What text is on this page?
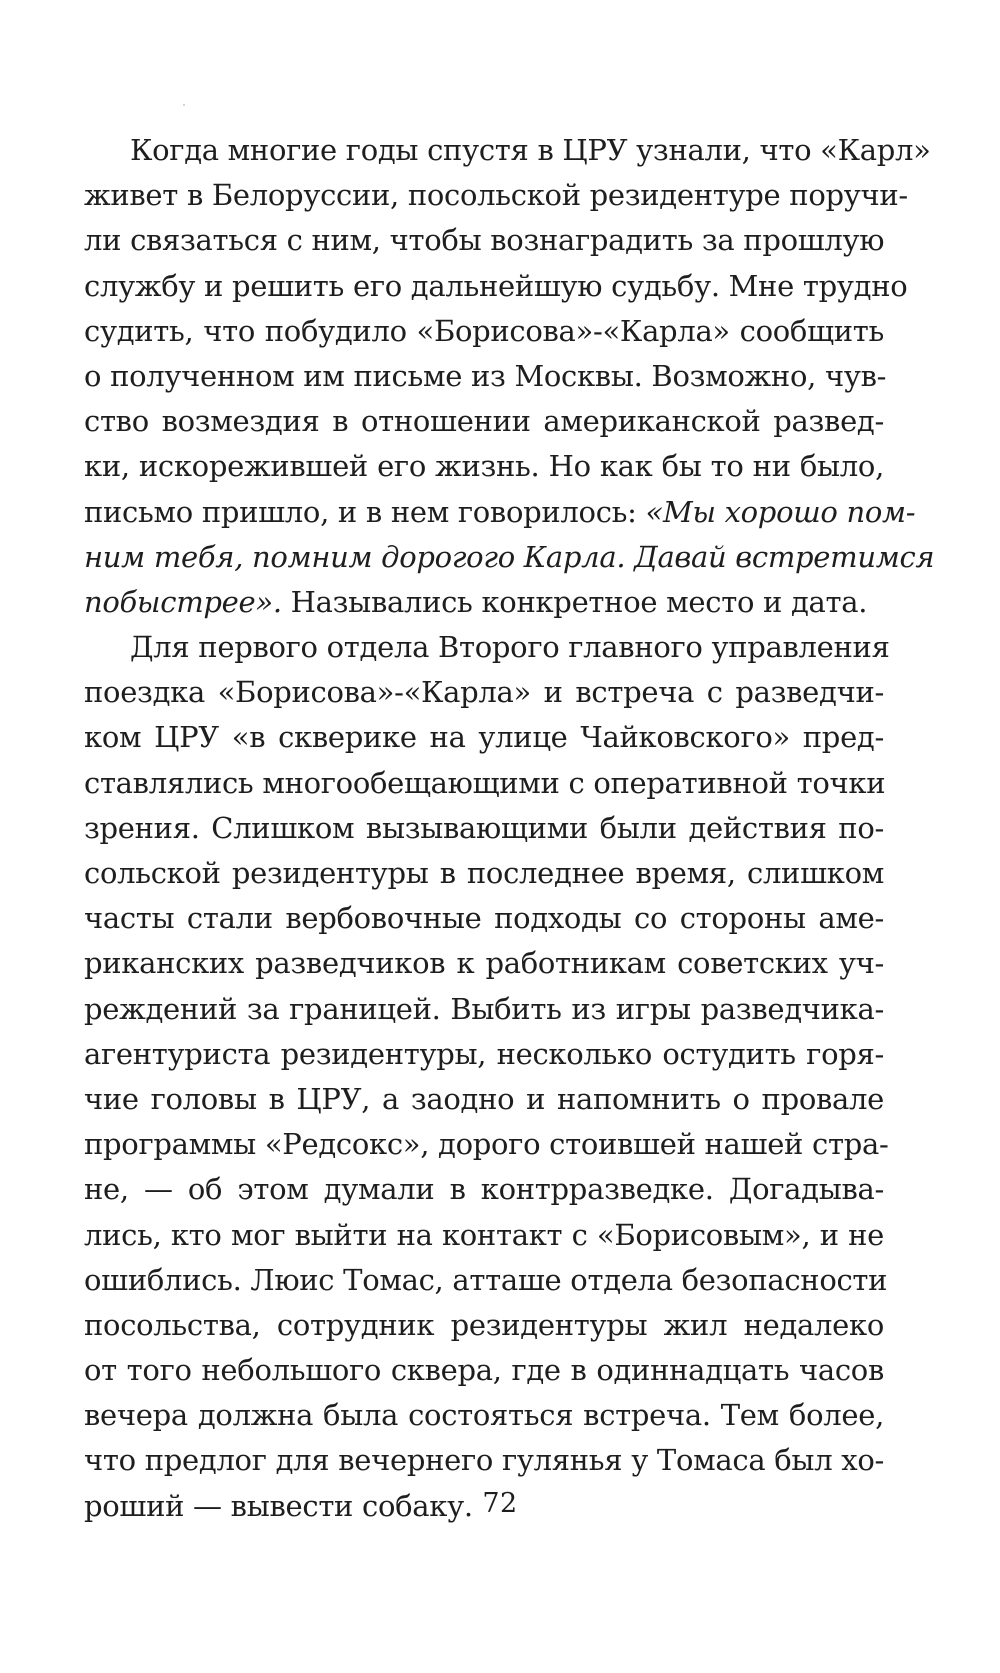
Когда многие годы спустя в ЦРУ узнали, что «Карл»
живет в Белоруссии, посольской резидентуре поручи-
ли связаться с ним, чтобы вознаградить за прошлую
службу и решить его дальнейшую судьбу. Мне трудно
судить, что побудило «Борисова»-«Карла» сообщить
о полученном им письме из Москвы. Возможно, чув-
ство возмездия в отношении американской развед-
ки, искорежившей его жизнь. Но как бы то ни было,
письмо пришло, и в нем говорилось: «Мы хорошо пом-
ним тебя, помним дорогого Карла. Давай встретимся
побыстрее». Назывались конкретное место и дата.
Для первого отдела Второго главного управления
поездка «Борисова»-«Карла» и встреча с разведчи-
ком ЦРУ «в скверике на улице Чайковского» пред-
ставлялись многообещающими с оперативной точки
зрения. Слишком вызывающими были действия по-
сольской резидентуры в последнее время, слишком
часты стали вербовочные подходы со стороны аме-
риканских разведчиков к работникам советских уч-
реждений за границей. Выбить из игры разведчика-
агентуриста резидентуры, несколько остудить горя-
чие головы в ЦРУ, а заодно и напомнить о провале
программы «Редсокс», дорого стоившей нашей стра-
не, — об этом думали в контрразведке. Догадыва-
лись, кто мог выйти на контакт с «Борисовым», и не
ошиблись. Люис Томас, атташе отдела безопасности
посольства, сотрудник резидентуры жил недалеко
от того небольшого сквера, где в одиннадцать часов
вечера должна была состояться встреча. Тем более,
что предлог для вечернего гулянья у Томаса был хо-
роший — вывести собаку. 72
